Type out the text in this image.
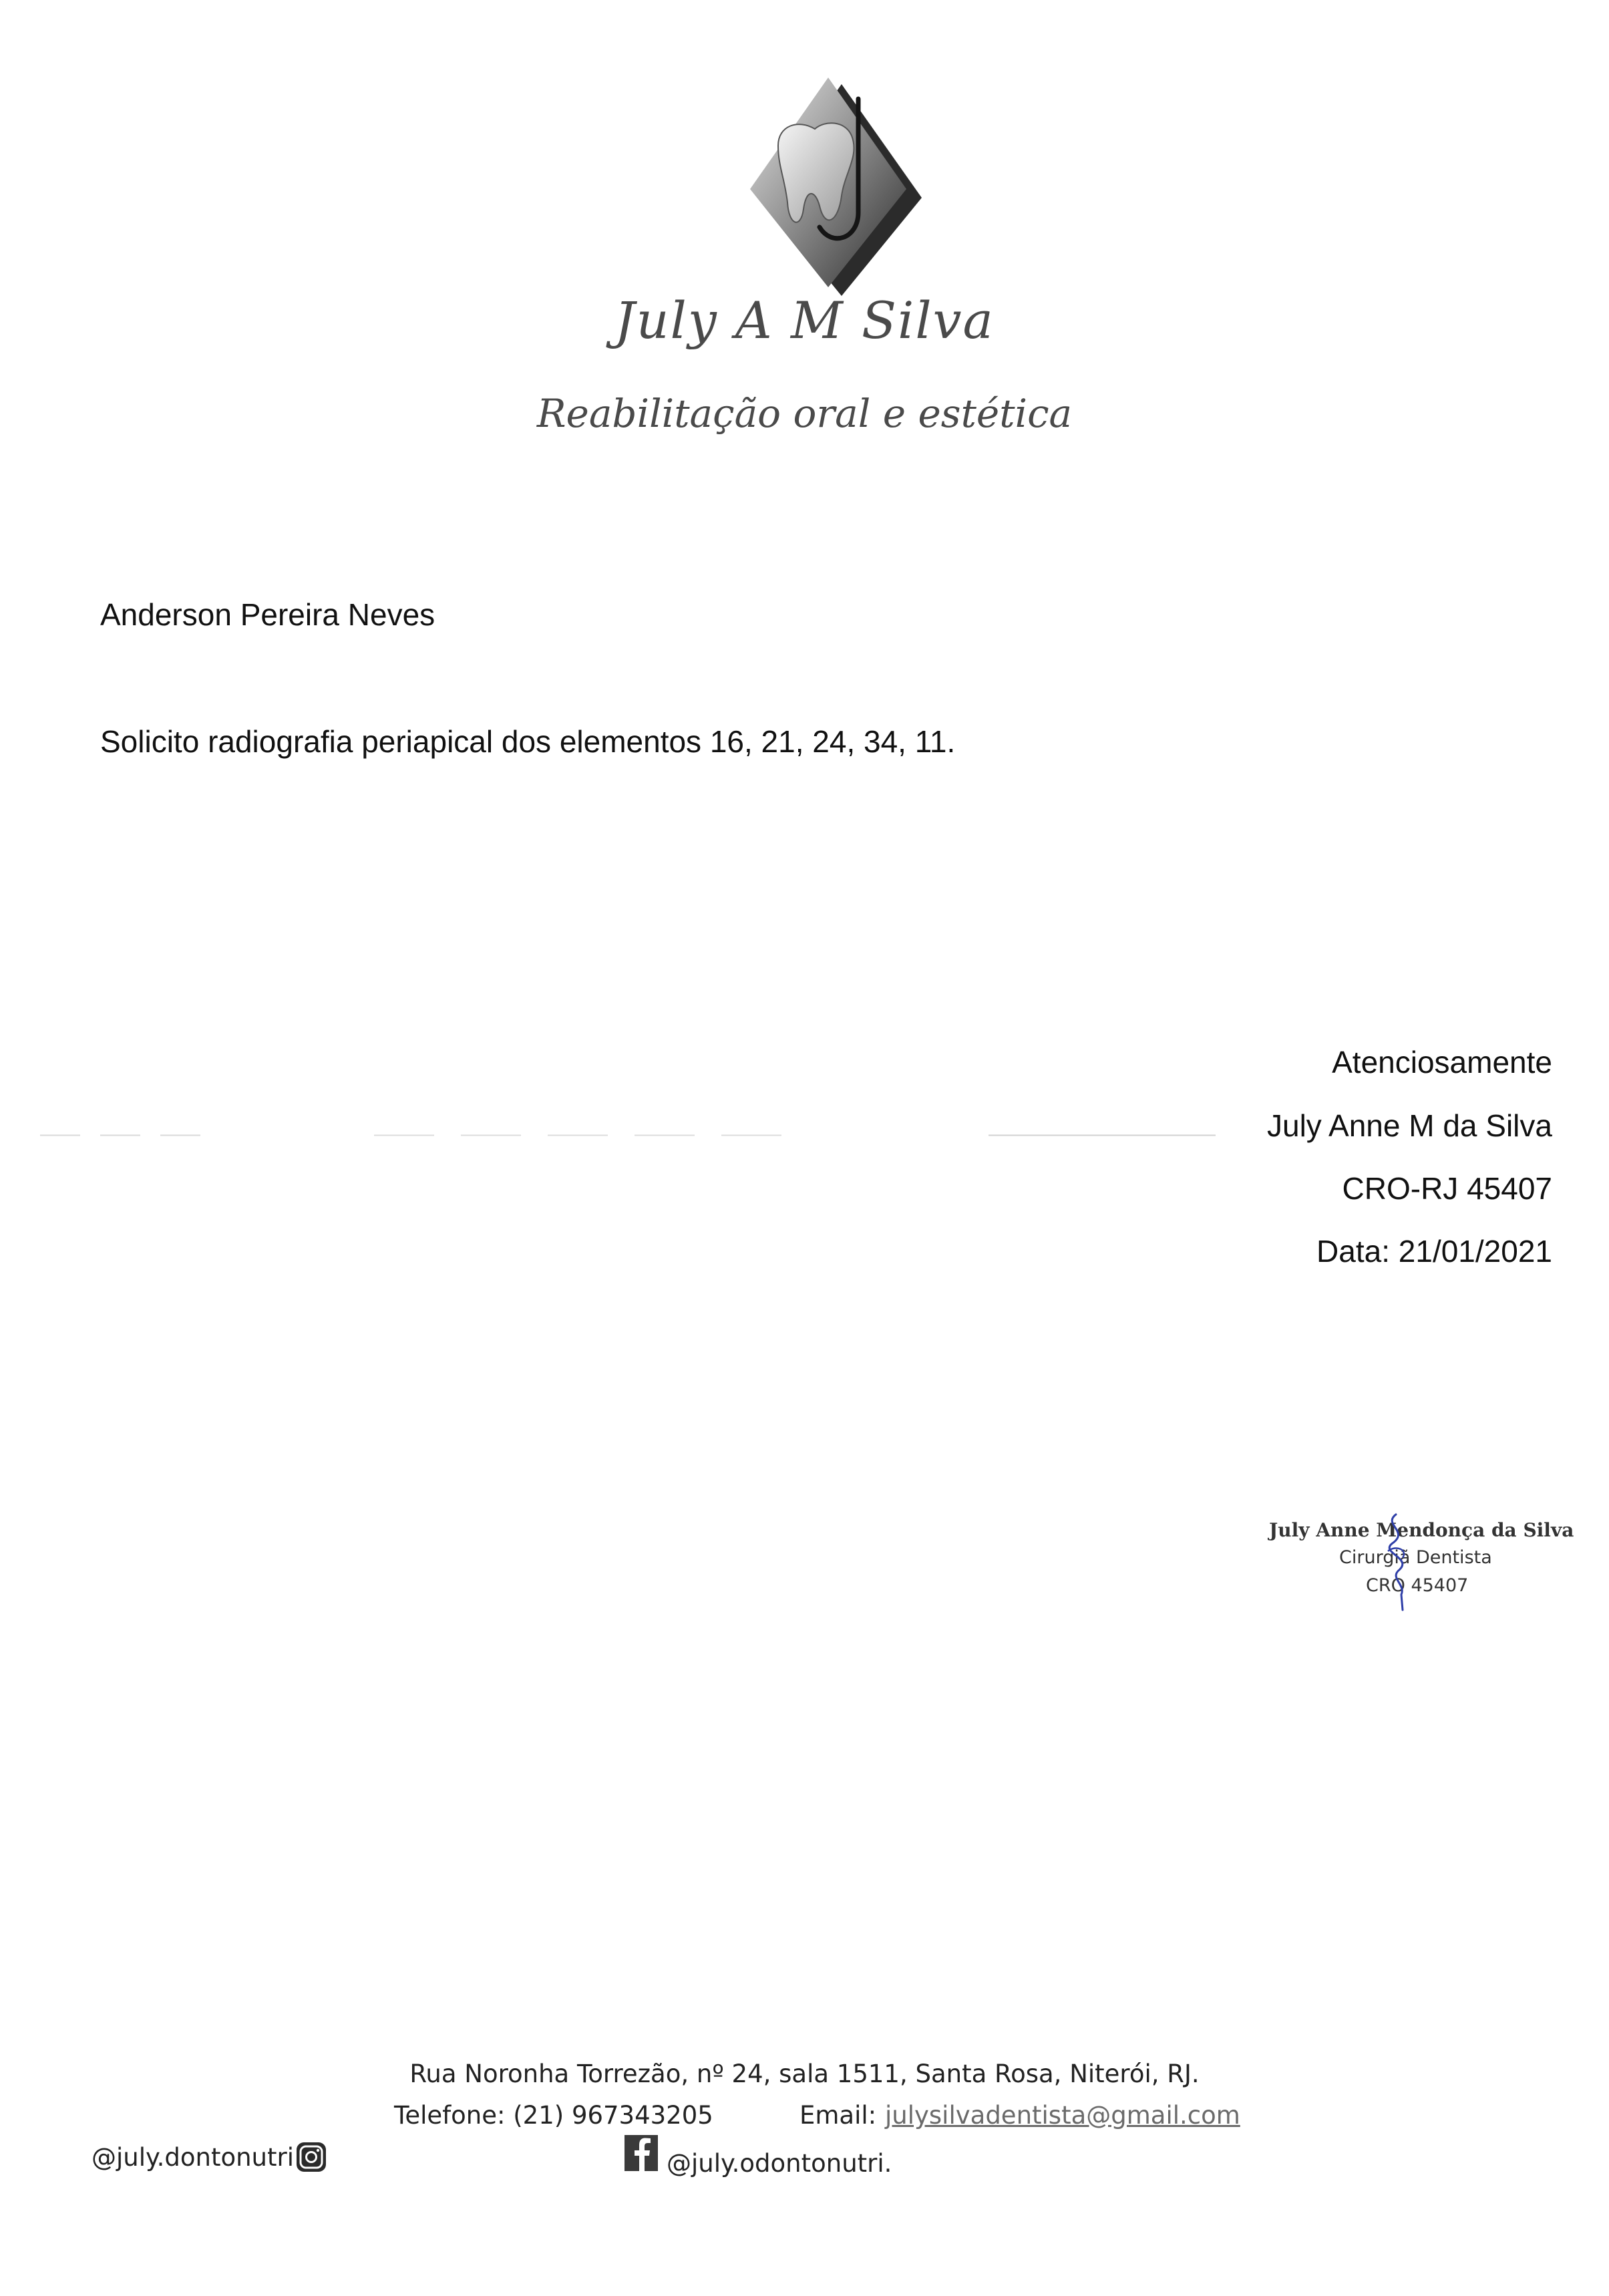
July A M Silva
Reabilitação oral e estética
Anderson Pereira Neves
Solicito radiografia periapical dos elementos 16, 21, 24, 34, 11.
Atenciosamente
July Anne M da Silva
CRO-RJ 45407
Data: 21/01/2021
July Anne Mendonça da Silva
Cirurgiã Dentista
CRO 45407
Rua Noronha Torrezão, nº 24, sala 1511, Santa Rosa, Niterói, RJ.
Telefone: (21) 967343205	Email: julysilvadentista@gmail.com
@july.dontonutri	@july.odontonutri.
